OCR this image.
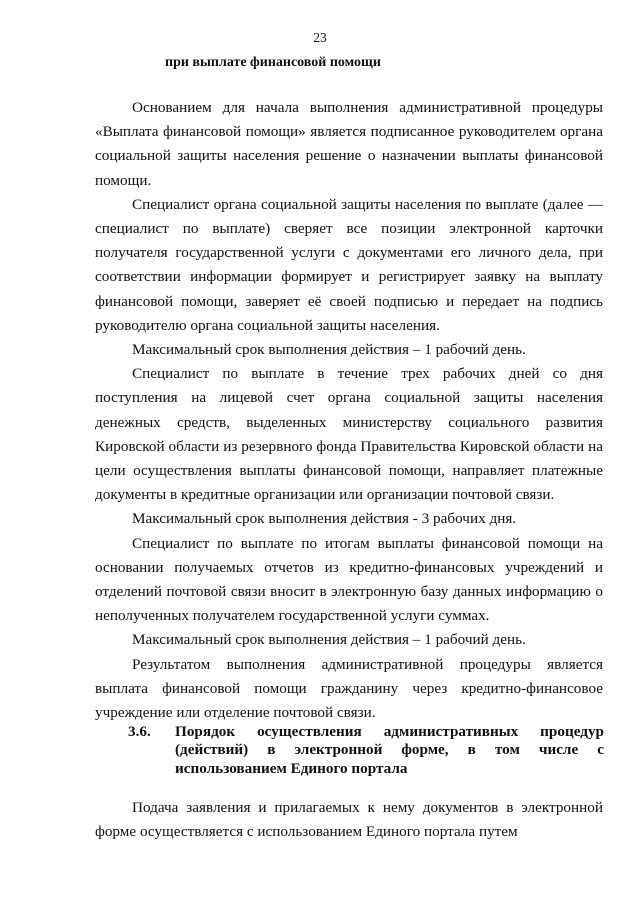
23
при выплате финансовой помощи

Основанием для начала выполнения административной процедуры «Выплата финансовой помощи» является подписанное руководителем органа социальной защиты населения решение о назначении выплаты финансовой помощи.

Специалист органа социальной защиты населения по выплате (далее — специалист по выплате) сверяет все позиции электронной карточки получателя государственной услуги с документами его личного дела, при соответствии информации формирует и регистрирует заявку на выплату финансовой помощи, заверяет её своей подписью и передает на подпись руководителю органа социальной защиты населения.

Максимальный срок выполнения действия – 1 рабочий день.

Специалист по выплате в течение трех рабочих дней со дня поступления на лицевой счет органа социальной защиты населения денежных средств, выделенных министерству социального развития Кировской области из резервного фонда Правительства Кировской области на цели осуществления выплаты финансовой помощи, направляет платежные документы в кредитные организации или организации почтовой связи.

Максимальный срок выполнения действия - 3 рабочих дня.

Специалист по выплате по итогам выплаты финансовой помощи на основании получаемых отчетов из кредитно-финансовых учреждений и отделений почтовой связи вносит в электронную базу данных информацию о неполученных получателем государственной услуги суммах.

Максимальный срок выполнения действия – 1 рабочий день.

Результатом выполнения административной процедуры является выплата финансовой помощи гражданину через кредитно-финансовое учреждение или отделение почтовой связи.

3.6. Порядок осуществления административных процедур (действий) в электронной форме, в том числе с использованием Единого портала

Подача заявления и прилагаемых к нему документов в электронной форме осуществляется с использованием Единого портала путем
